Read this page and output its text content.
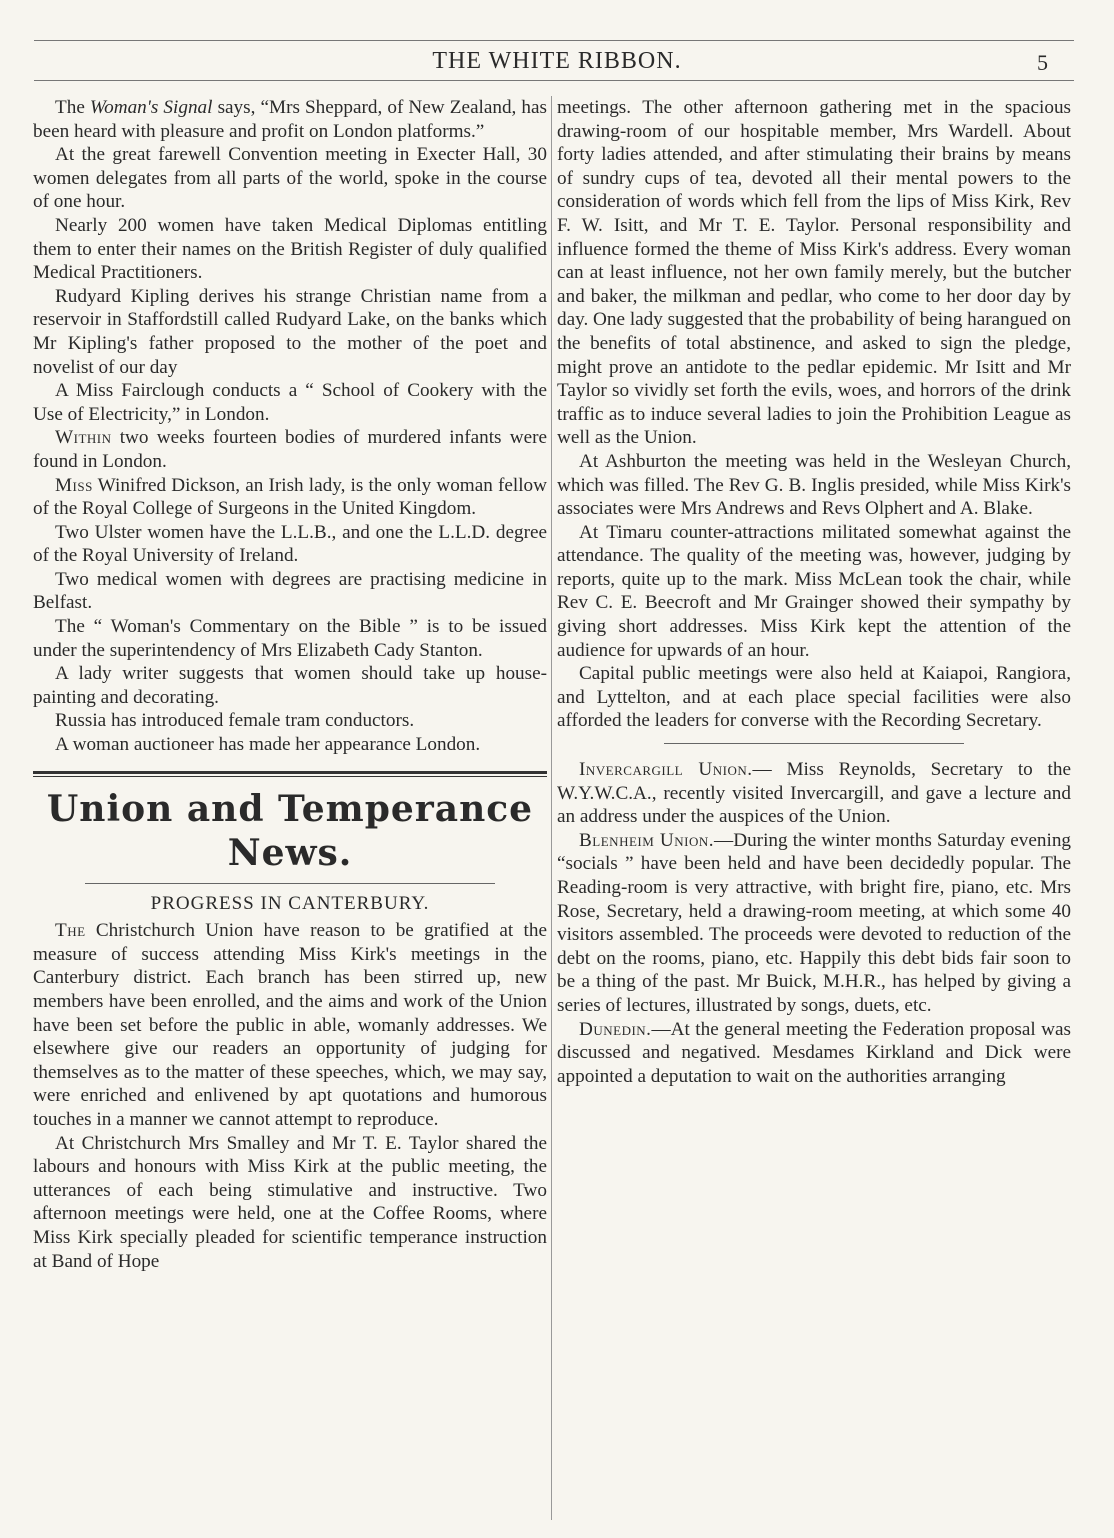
THE WHITE RIBBON.	5

The Woman's Signal says, “Mrs Sheppard, of New Zealand, has been heard with pleasure and profit on London platforms.”

At the great farewell Convention meeting in Execter Hall, 30 women delegates from all parts of the world, spoke in the course of one hour.

Nearly 200 women have taken Medical Diplomas entitling them to enter their names on the British Register of duly qualified Medical Practitioners.

Rudyard Kipling derives his strange Christian name from a reservoir in Staffordstill called Rudyard Lake, on the banks which Mr Kipling's father proposed to the mother of the poet and novelist of our day

A Miss Fairclough conducts a “ School of Cookery with the Use of Electricity,” in London.

Within two weeks fourteen bodies of murdered infants were found in London.

Miss Winifred Dickson, an Irish lady, is the only woman fellow of the Royal College of Surgeons in the United Kingdom.

Two Ulster women have the L.L.B., and one the L.L.D. degree of the Royal University of Ireland.

Two medical women with degrees are practising medicine in Belfast.

The “ Woman's Commentary on the Bible ” is to be issued under the superintendency of Mrs Elizabeth Cady Stanton.

A lady writer suggests that women should take up house-painting and decorating.

Russia has introduced female tram conductors.

A woman auctioneer has made her appearance London.

Union and Temperance News.
PROGRESS IN CANTERBURY.

The Christchurch Union have reason to be gratified at the measure of success attending Miss Kirk's meetings in the Canterbury district. Each branch has been stirred up, new members have been enrolled, and the aims and work of the Union have been set before the public in able, womanly addresses. We elsewhere give our readers an opportunity of judging for themselves as to the matter of these speeches, which, we may say, were enriched and enlivened by apt quotations and humorous touches in a manner we cannot attempt to reproduce.

At Christchurch Mrs Smalley and Mr T. E. Taylor shared the labours and honours with Miss Kirk at the public meeting, the utterances of each being stimulative and instructive. Two afternoon meetings were held, one at the Coffee Rooms, where Miss Kirk specially pleaded for scientific temperance instruction at Band of Hope

meetings. The other afternoon gathering met in the spacious drawing-room of our hospitable member, Mrs Wardell. About forty ladies attended, and after stimulating their brains by means of sundry cups of tea, devoted all their mental powers to the consideration of words which fell from the lips of Miss Kirk, Rev F. W. Isitt, and Mr T. E. Taylor. Personal responsibility and influence formed the theme of Miss Kirk's address. Every woman can at least influence, not her own family merely, but the butcher and baker, the milkman and pedlar, who come to her door day by day. One lady suggested that the probability of being harangued on the benefits of total abstinence, and asked to sign the pledge, might prove an antidote to the pedlar epidemic. Mr Isitt and Mr Taylor so vividly set forth the evils, woes, and horrors of the drink traffic as to induce several ladies to join the Prohibition League as well as the Union.

At Ashburton the meeting was held in the Wesleyan Church, which was filled. The Rev G. B. Inglis presided, while Miss Kirk's associates were Mrs Andrews and Revs Olphert and A. Blake.

At Timaru counter-attractions militated somewhat against the attendance. The quality of the meeting was, however, judging by reports, quite up to the mark. Miss McLean took the chair, while Rev C. E. Beecroft and Mr Grainger showed their sympathy by giving short addresses. Miss Kirk kept the attention of the audience for upwards of an hour.

Capital public meetings were also held at Kaiapoi, Rangiora, and Lyttelton, and at each place special facilities were also afforded the leaders for converse with the Recording Secretary.

Invercargill Union.— Miss Reynolds, Secretary to the W.Y.W.C.A., recently visited Invercargill, and gave a lecture and an address under the auspices of the Union.

Blenheim Union.—During the winter months Saturday evening “socials ” have been held and have been decidedly popular. The Reading-room is very attractive, with bright fire, piano, etc. Mrs Rose, Secretary, held a drawing-room meeting, at which some 40 visitors assembled. The proceeds were devoted to reduction of the debt on the rooms, piano, etc. Happily this debt bids fair soon to be a thing of the past. Mr Buick, M.H.R., has helped by giving a series of lectures, illustrated by songs, duets, etc.

Dunedin.—At the general meeting the Federation proposal was discussed and negatived. Mesdames Kirkland and Dick were appointed a deputation to wait on the authorities arranging
